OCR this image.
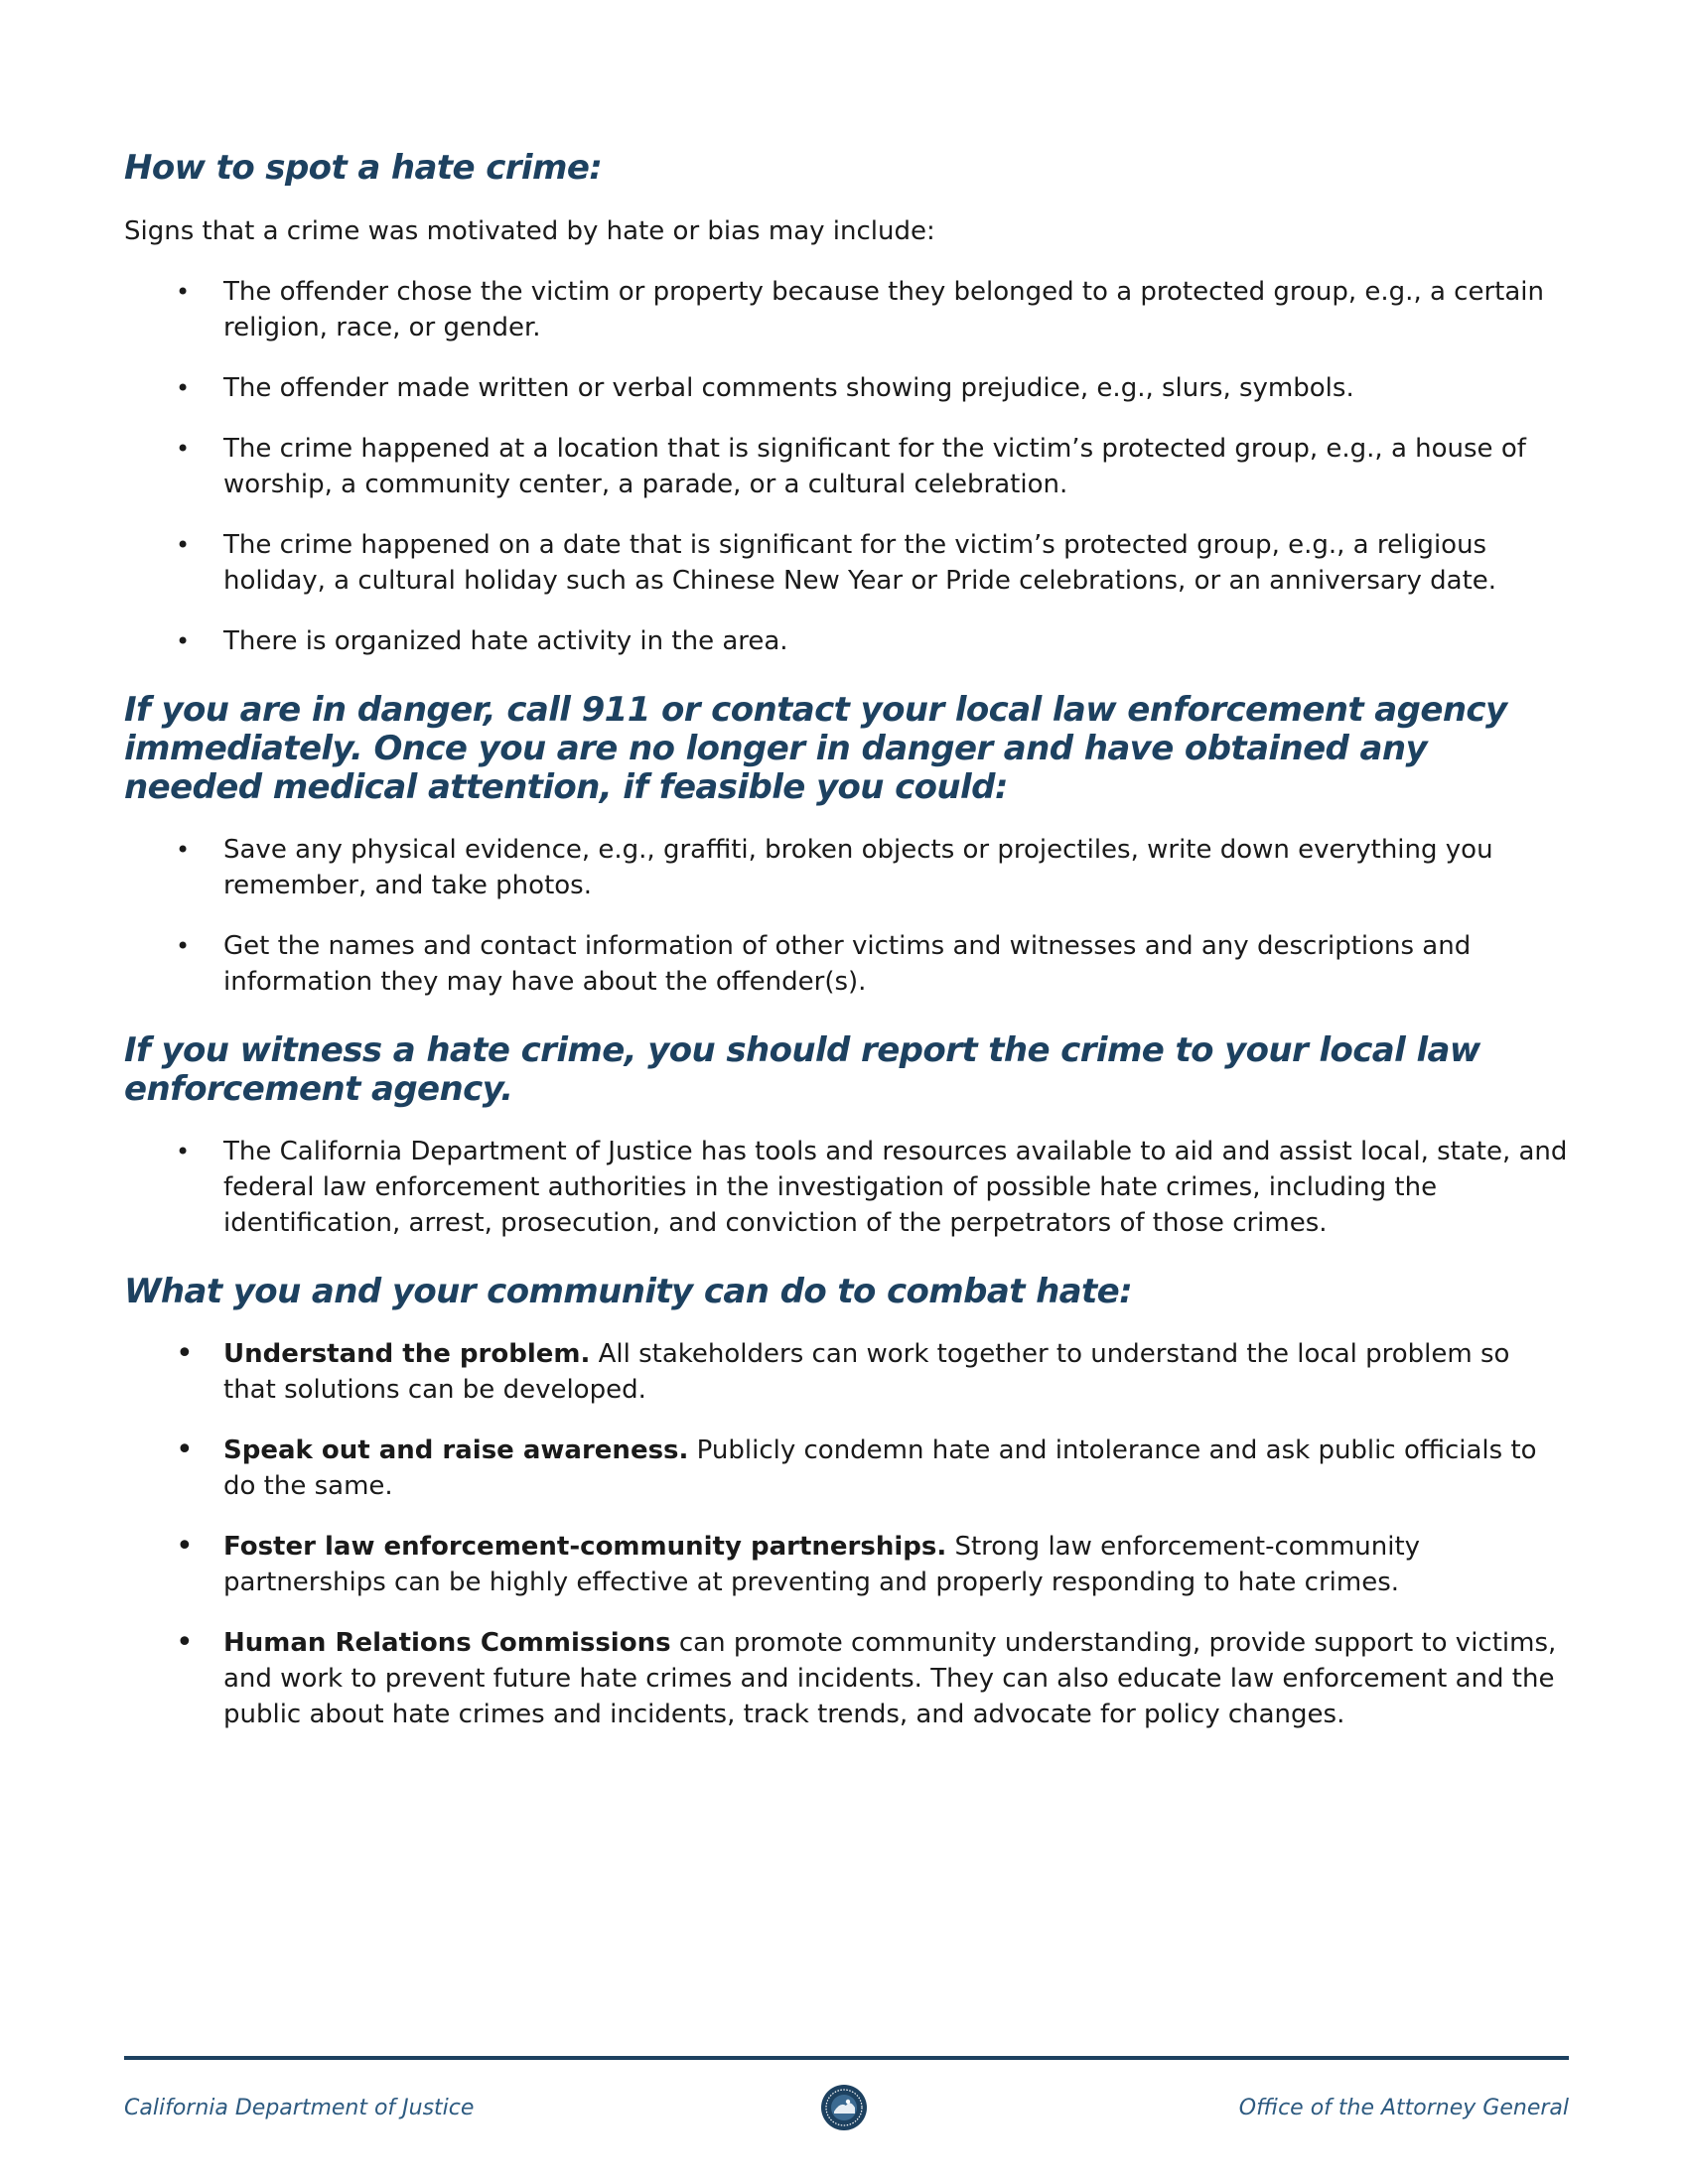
How to spot a hate crime:

Signs that a crime was motivated by hate or bias may include:

• The offender chose the victim or property because they belonged to a protected group, e.g., a certain religion, race, or gender.
• The offender made written or verbal comments showing prejudice, e.g., slurs, symbols.
• The crime happened at a location that is significant for the victim’s protected group, e.g., a house of worship, a community center, a parade, or a cultural celebration.
• The crime happened on a date that is significant for the victim’s protected group, e.g., a religious holiday, a cultural holiday such as Chinese New Year or Pride celebrations, or an anniversary date.
• There is organized hate activity in the area.
If you are in danger, call 911 or contact your local law enforcement agency immediately. Once you are no longer in danger and have obtained any needed medical attention, if feasible you could:
• Save any physical evidence, e.g., graffiti, broken objects or projectiles, write down everything you remember, and take photos.
• Get the names and contact information of other victims and witnesses and any descriptions and information they may have about the offender(s).
If you witness a hate crime, you should report the crime to your local law enforcement agency.
• The California Department of Justice has tools and resources available to aid and assist local, state, and federal law enforcement authorities in the investigation of possible hate crimes, including the identification, arrest, prosecution, and conviction of the perpetrators of those crimes.
What you and your community can do to combat hate:
• Understand the problem. All stakeholders can work together to understand the local problem so that solutions can be developed.
• Speak out and raise awareness. Publicly condemn hate and intolerance and ask public officials to do the same.
• Foster law enforcement-community partnerships. Strong law enforcement-community partnerships can be highly effective at preventing and properly responding to hate crimes.
• Human Relations Commissions can promote community understanding, provide support to victims, and work to prevent future hate crimes and incidents. They can also educate law enforcement and the public about hate crimes and incidents, track trends, and advocate for policy changes.
California Department of Justice	Office of the Attorney General
